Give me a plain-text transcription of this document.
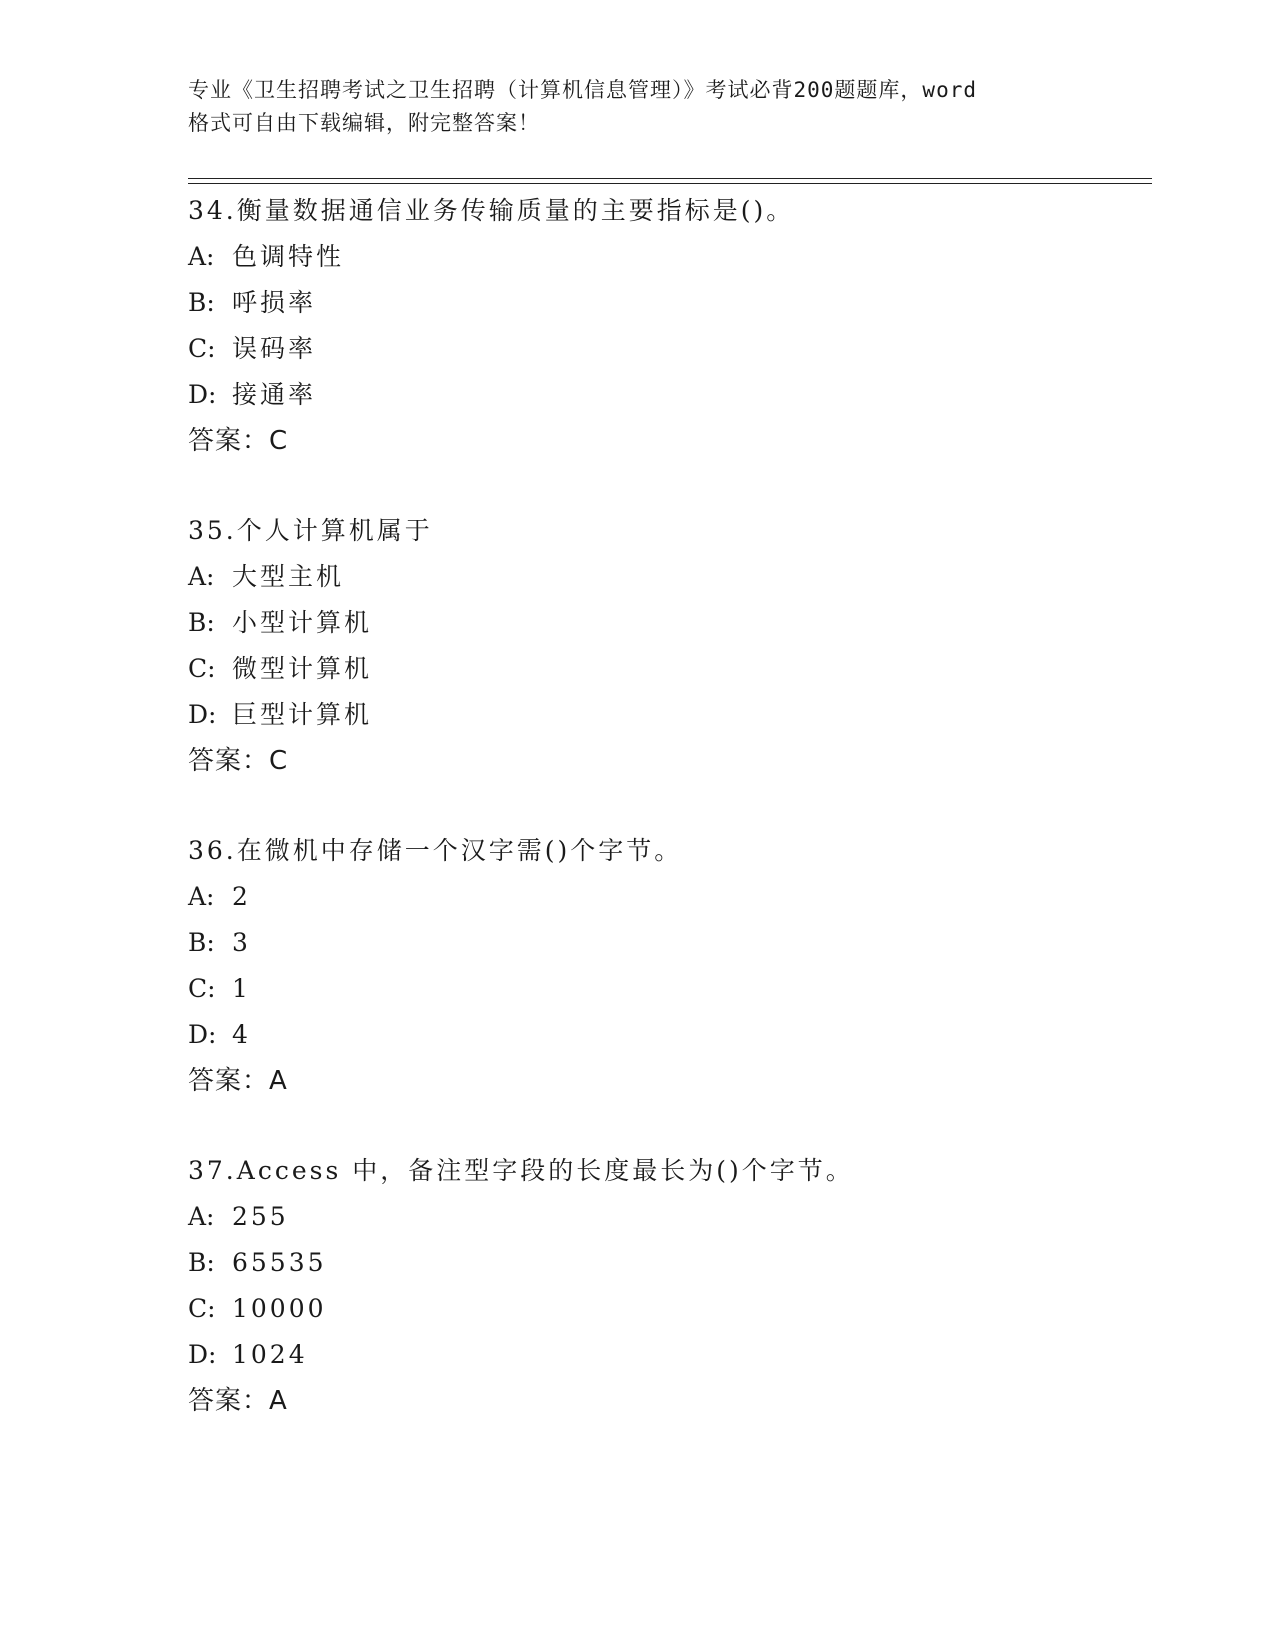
专业《卫生招聘考试之卫生招聘（计算机信息管理）》考试必背200题题库，word
格式可自由下载编辑，附完整答案！
34.衡量数据通信业务传输质量的主要指标是()。
A: 色调特性
B: 呼损率
C: 误码率
D: 接通率
答案：C
35.个人计算机属于
A: 大型主机
B: 小型计算机
C: 微型计算机
D: 巨型计算机
答案：C
36.在微机中存储一个汉字需()个字节。
A: 2
B: 3
C: 1
D: 4
答案：A
37.Access 中，备注型字段的长度最长为()个字节。
A: 255
B: 65535
C: 10000
D: 1024
答案：A
